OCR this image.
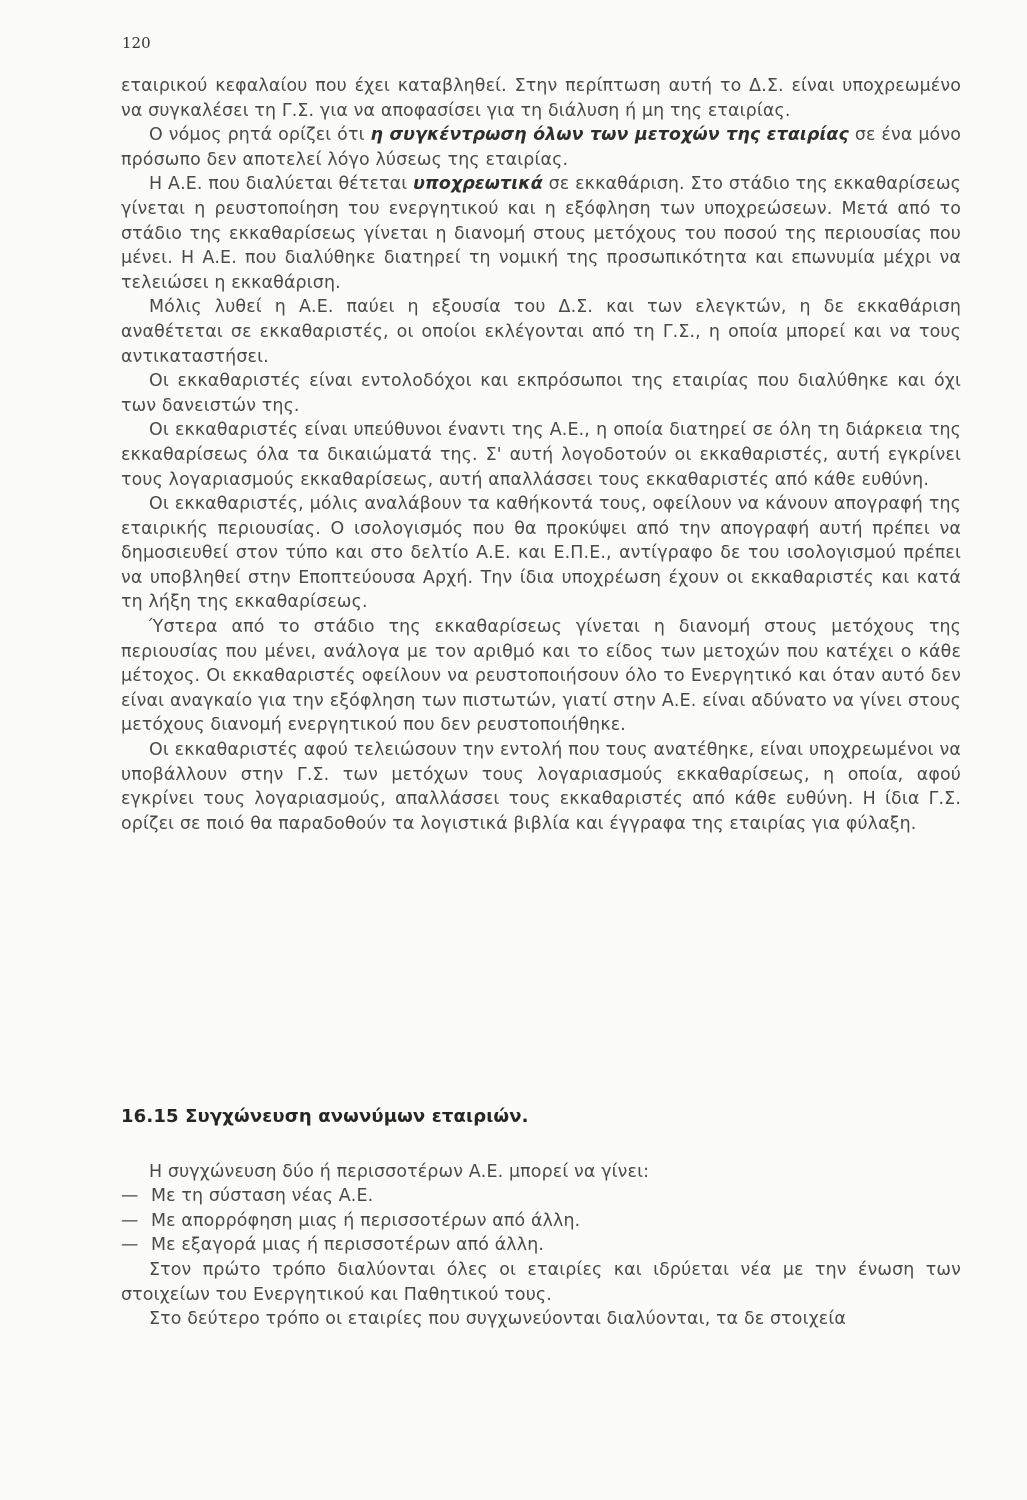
120

εταιρικού κεφαλαίου που έχει καταβληθεί. Στην περίπτωση αυτή το Δ.Σ. είναι υποχρεωμένο να συγκαλέσει τη Γ.Σ. για να αποφασίσει για τη διάλυση ή μη της εταιρίας.

Ο νόμος ρητά ορίζει ότι η συγκέντρωση όλων των μετοχών της εταιρίας σε ένα μόνο πρόσωπο δεν αποτελεί λόγο λύσεως της εταιρίας.

Η Α.Ε. που διαλύεται θέτεται υποχρεωτικά σε εκκαθάριση. Στο στάδιο της εκκαθαρίσεως γίνεται η ρευστοποίηση του ενεργητικού και η εξόφληση των υποχρεώσεων. Μετά από το στάδιο της εκκαθαρίσεως γίνεται η διανομή στους μετόχους του ποσού της περιουσίας που μένει. Η Α.Ε. που διαλύθηκε διατηρεί τη νομική της προσωπικότητα και επωνυμία μέχρι να τελειώσει η εκκαθάριση.

Μόλις λυθεί η Α.Ε. παύει η εξουσία του Δ.Σ. και των ελεγκτών, η δε εκκαθάριση αναθέτεται σε εκκαθαριστές, οι οποίοι εκλέγονται από τη Γ.Σ., η οποία μπορεί και να τους αντικαταστήσει.

Οι εκκαθαριστές είναι εντολοδόχοι και εκπρόσωποι της εταιρίας που διαλύθηκε και όχι των δανειστών της.

Οι εκκαθαριστές είναι υπεύθυνοι έναντι της Α.Ε., η οποία διατηρεί σε όλη τη διάρκεια της εκκαθαρίσεως όλα τα δικαιώματά της. Σ' αυτή λογοδοτούν οι εκκαθαριστές, αυτή εγκρίνει τους λογαριασμούς εκκαθαρίσεως, αυτή απαλλάσσει τους εκκαθαριστές από κάθε ευθύνη.

Οι εκκαθαριστές, μόλις αναλάβουν τα καθήκοντά τους, οφείλουν να κάνουν απογραφή της εταιρικής περιουσίας. Ο ισολογισμός που θα προκύψει από την απογραφή αυτή πρέπει να δημοσιευθεί στον τύπο και στο δελτίο Α.Ε. και Ε.Π.Ε., αντίγραφο δε του ισολογισμού πρέπει να υποβληθεί στην Εποπτεύουσα Αρχή. Την ίδια υποχρέωση έχουν οι εκκαθαριστές και κατά τη λήξη της εκκαθαρίσεως.

Ύστερα από το στάδιο της εκκαθαρίσεως γίνεται η διανομή στους μετόχους της περιουσίας που μένει, ανάλογα με τον αριθμό και το είδος των μετοχών που κατέχει ο κάθε μέτοχος. Οι εκκαθαριστές οφείλουν να ρευστοποιήσουν όλο το Ενεργητικό και όταν αυτό δεν είναι αναγκαίο για την εξόφληση των πιστωτών, γιατί στην Α.Ε. είναι αδύνατο να γίνει στους μετόχους διανομή ενεργητικού που δεν ρευστοποιήθηκε.

Οι εκκαθαριστές αφού τελειώσουν την εντολή που τους ανατέθηκε, είναι υποχρεωμένοι να υποβάλλουν στην Γ.Σ. των μετόχων τους λογαριασμούς εκκαθαρίσεως, η οποία, αφού εγκρίνει τους λογαριασμούς, απαλλάσσει τους εκκαθαριστές από κάθε ευθύνη. Η ίδια Γ.Σ. ορίζει σε ποιό θα παραδοθούν τα λογιστικά βιβλία και έγγραφα της εταιρίας για φύλαξη.

16.15 Συγχώνευση ανωνύμων εταιριών.

Η συγχώνευση δύο ή περισσοτέρων Α.Ε. μπορεί να γίνει:

— Με τη σύσταση νέας Α.Ε.
— Με απορρόφηση μιας ή περισσοτέρων από άλλη.
— Με εξαγορά μιας ή περισσοτέρων από άλλη.

Στον πρώτο τρόπο διαλύονται όλες οι εταιρίες και ιδρύεται νέα με την ένωση των στοιχείων του Ενεργητικού και Παθητικού τους.

Στο δεύτερο τρόπο οι εταιρίες που συγχωνεύονται διαλύονται, τα δε στοιχεία
